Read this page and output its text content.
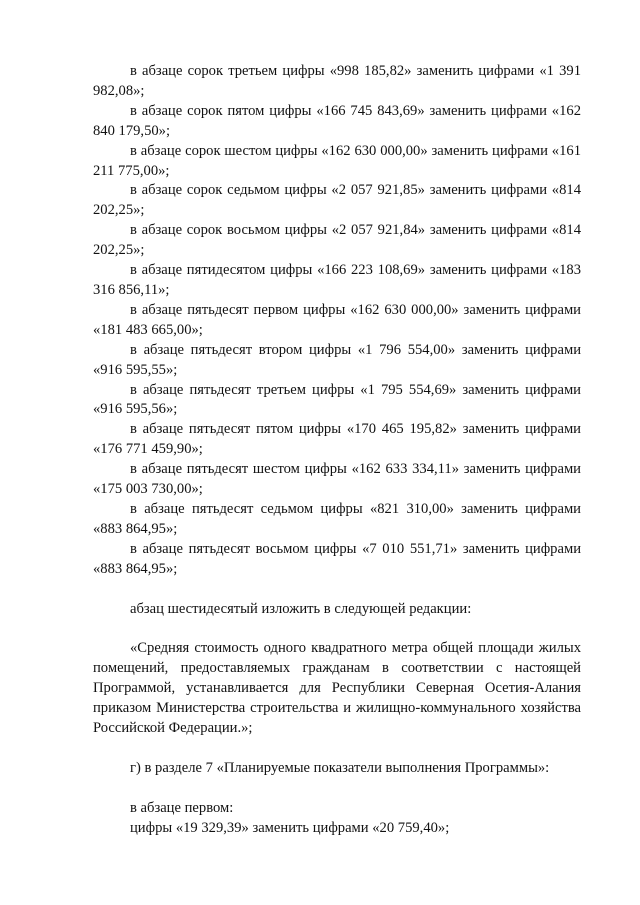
в абзаце сорок третьем цифры «998 185,82» заменить цифрами «1 391 982,08»;

в абзаце сорок пятом цифры «166 745 843,69» заменить цифрами «162 840 179,50»;

в абзаце сорок шестом цифры «162 630 000,00» заменить цифрами «161 211 775,00»;

в абзаце сорок седьмом цифры «2 057 921,85» заменить цифрами «814 202,25»;

в абзаце сорок восьмом цифры «2 057 921,84» заменить цифрами «814 202,25»;

в абзаце пятидесятом цифры «166 223 108,69» заменить цифрами «183 316 856,11»;

в абзаце пятьдесят первом цифры «162 630 000,00» заменить цифрами «181 483 665,00»;

в абзаце пятьдесят втором цифры «1 796 554,00» заменить цифрами «916 595,55»;

в абзаце пятьдесят третьем цифры «1 795 554,69» заменить цифрами «916 595,56»;

в абзаце пятьдесят пятом цифры «170 465 195,82» заменить цифрами «176 771 459,90»;

в абзаце пятьдесят шестом цифры «162 633 334,11» заменить цифрами «175 003 730,00»;

в абзаце пятьдесят седьмом цифры «821 310,00» заменить цифрами «883 864,95»;

в абзаце пятьдесят восьмом цифры «7 010 551,71» заменить цифрами «883 864,95»;

абзац шестидесятый изложить в следующей редакции:

«Средняя стоимость одного квадратного метра общей площади жилых помещений, предоставляемых гражданам в соответствии с настоящей Программой, устанавливается для Республики Северная Осетия-Алания приказом Министерства строительства и жилищно-коммунального хозяйства Российской Федерации.»;

г) в разделе 7 «Планируемые показатели выполнения Программы»:

в абзаце первом:

цифры «19 329,39» заменить цифрами «20 759,40»;
